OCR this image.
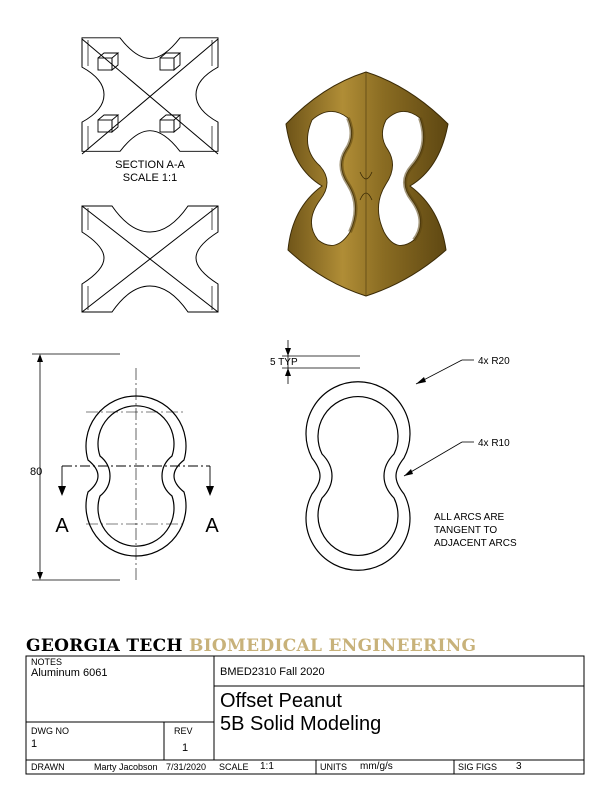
SECTION A-A
SCALE 1:1
80
A	A
5 TYP	4x R20
4x R10
ALL ARCS ARE
TANGENT TO
ADJACENT ARCS
GEORGIA TECH BIOMEDICAL ENGINEERING
NOTES
Aluminum 6061	BMED2310 Fall 2020
Offset Peanut
5B Solid Modeling
DWG NO
1
REV
1
DRAWN	Marty Jacobson 7/31/2020 SCALE 1:1	UNITS mm/g/s	SIG FIGS 3
